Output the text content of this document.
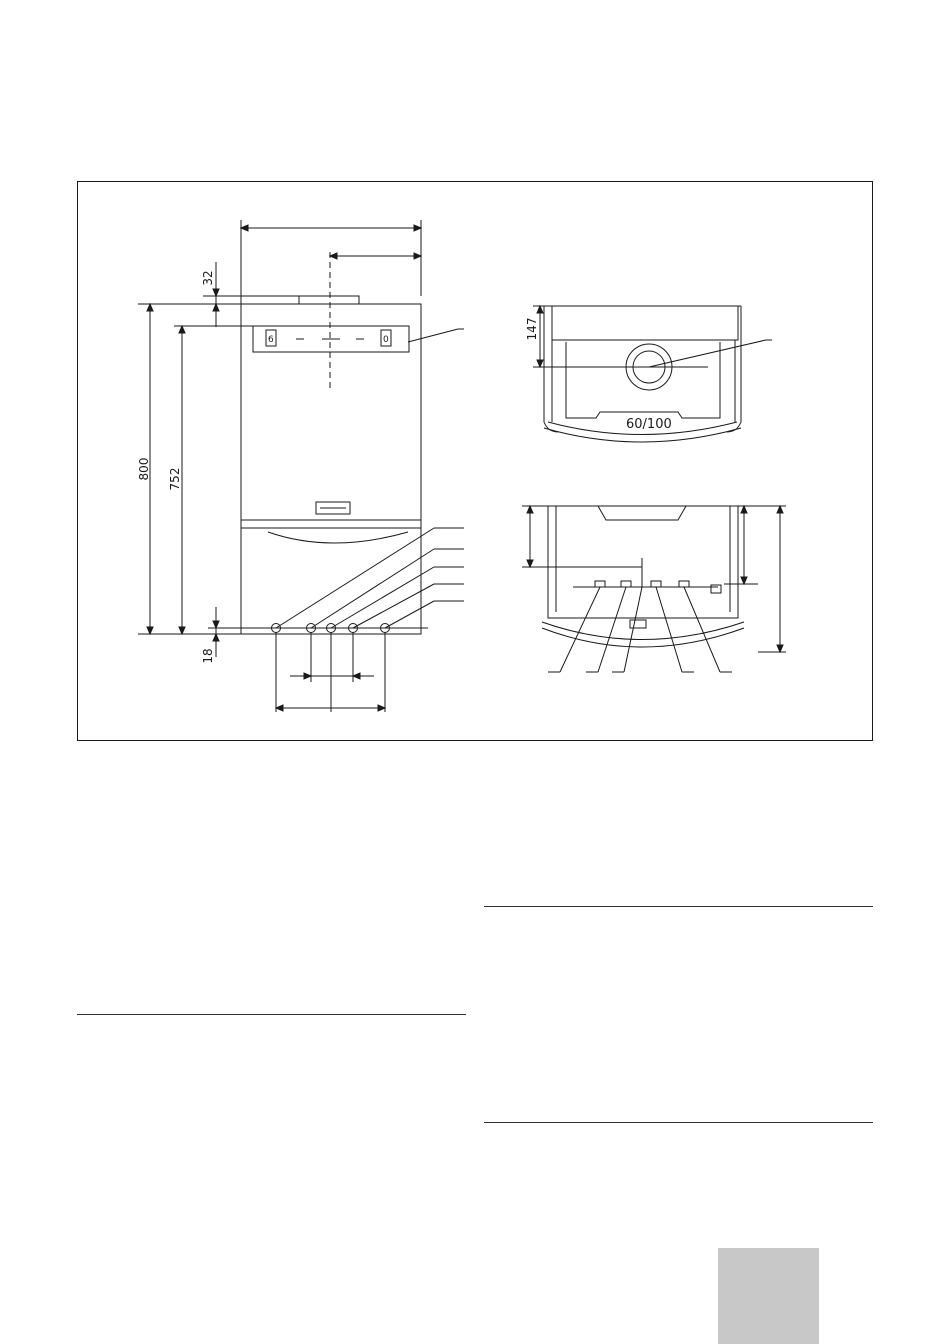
6	0
800 752
32
18
147
60/100
